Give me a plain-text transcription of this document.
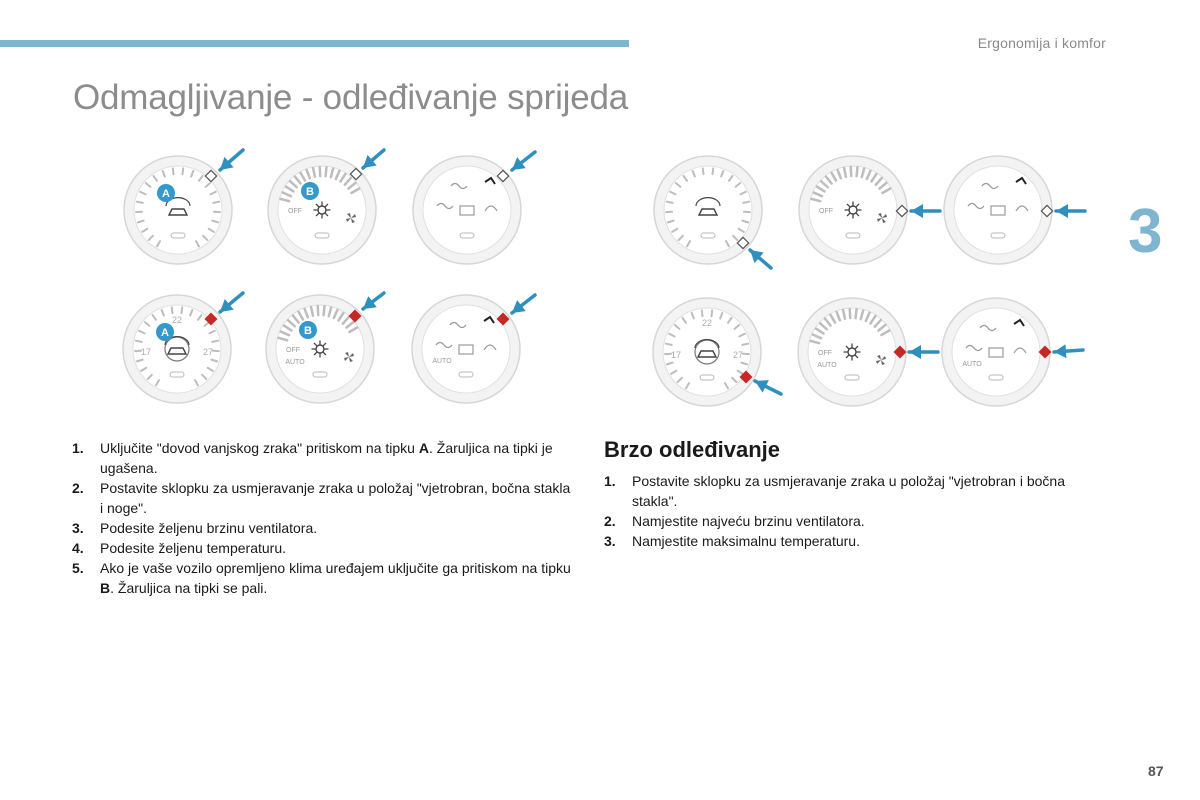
Ergonomija i komfor
Odmagljivanje - odleđivanje sprijeda
3
A
OFF
B
22
17	27
A
OFF
AUTO
B
AUTO
OFF
22
17	27	OFF
AUTO	AUTO
1. Uključite "dovod vanjskog zraka" pritiskom na tipku A. Žaruljica na tipki je ugašena.
2. Postavite sklopku za usmjeravanje zraka u položaj "vjetrobran, bočna stakla i noge".
3. Podesite željenu brzinu ventilatora.
4. Podesite željenu temperaturu.
5. Ako je vaše vozilo opremljeno klima uređajem uključite ga pritiskom na tipku B. Žaruljica na tipki se pali.
Brzo odleđivanje
1. Postavite sklopku za usmjeravanje zraka u položaj "vjetrobran i bočna stakla".
2. Namjestite najveću brzinu ventilatora.
3. Namjestite maksimalnu temperaturu.
87
